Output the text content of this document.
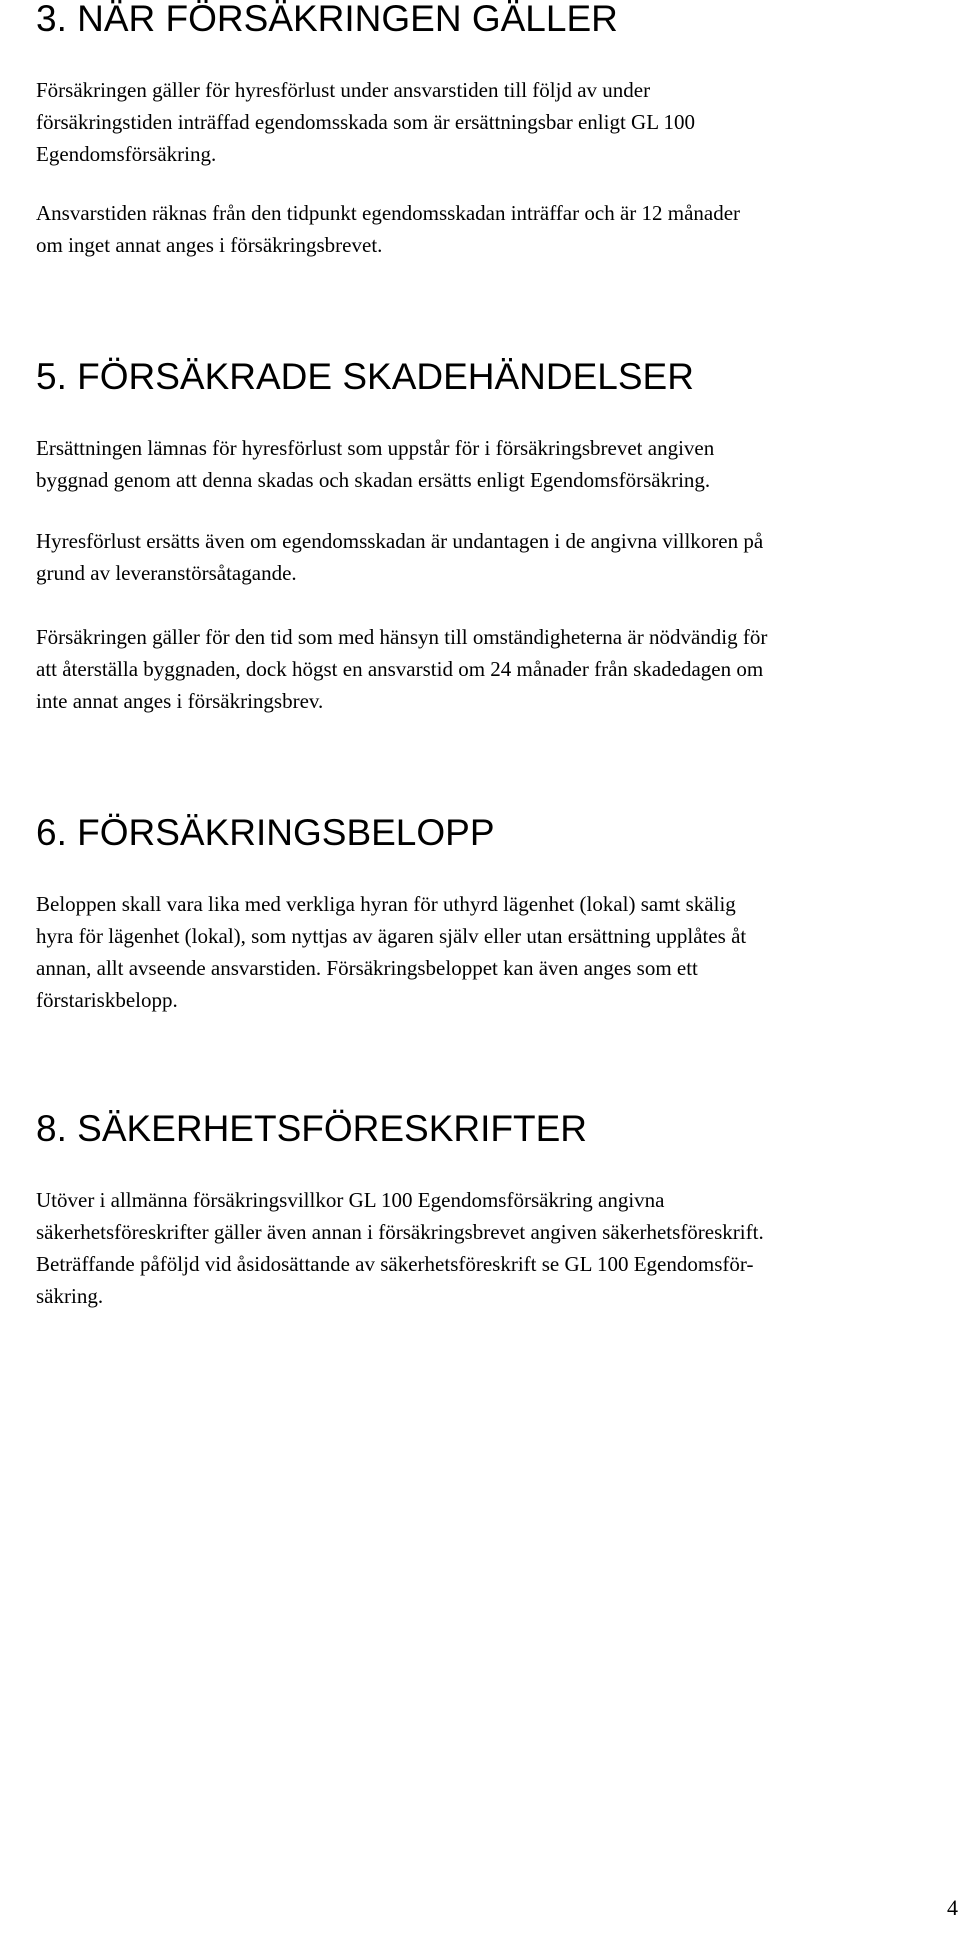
3. NÄR FÖRSÄKRINGEN GÄLLER

Försäkringen gäller för hyresförlust under ansvarstiden till följd av under
försäkringstiden inträffad egendomsskada som är ersättningsbar enligt GL 100
Egendomsförsäkring.

Ansvarstiden räknas från den tidpunkt egendomsskadan inträffar och är 12 månader
om inget annat anges i försäkringsbrevet.

5. FÖRSÄKRADE SKADEHÄNDELSER

Ersättningen lämnas för hyresförlust som uppstår för i försäkringsbrevet angiven
byggnad genom att denna skadas och skadan ersätts enligt Egendomsförsäkring.

Hyresförlust ersätts även om egendomsskadan är undantagen i de angivna villkoren på
grund av leveranstörsåtagande.

Försäkringen gäller för den tid som med hänsyn till omständigheterna är nödvändig för
att återställa byggnaden, dock högst en ansvarstid om 24 månader från skadedagen om
inte annat anges i försäkringsbrev.

6. FÖRSÄKRINGSBELOPP

Beloppen skall vara lika med verkliga hyran för uthyrd lägenhet (lokal) samt skälig
hyra för lägenhet (lokal), som nyttjas av ägaren själv eller utan ersättning upplåtes åt
annan, allt avseende ansvarstiden. Försäkringsbeloppet kan även anges som ett
förstariskbelopp.

8. SÄKERHETSFÖRESKRIFTER

Utöver i allmänna försäkringsvillkor GL 100 Egendomsförsäkring angivna
säkerhetsföreskrifter gäller även annan i försäkringsbrevet angiven säkerhetsföreskrift.
Beträffande påföljd vid åsidosättande av säkerhetsföreskrift se GL 100 Egendomsför-
säkring.

4
